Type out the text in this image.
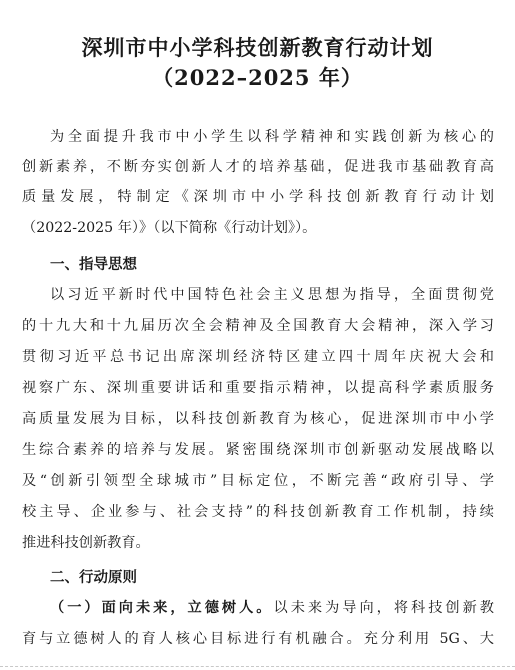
深圳市中小学科技创新教育行动计划
（2022–2025 年）
为全面提升我市中小学生以科学精神和实践创新为核心的
创新素养，不断夯实创新人才的培养基础，促进我市基础教育高
质量发展，特制定《深圳市中小学科技创新教育行动计划
（2022-2025 年）》（以下简称《行动计划》）。
一、指导思想
以习近平新时代中国特色社会主义思想为指导，全面贯彻党
的十九大和十九届历次全会精神及全国教育大会精神，深入学习
贯彻习近平总书记出席深圳经济特区建立四十周年庆祝大会和
视察广东、深圳重要讲话和重要指示精神，以提高科学素质服务
高质量发展为目标，以科技创新教育为核心，促进深圳市中小学
生综合素养的培养与发展。紧密围绕深圳市创新驱动发展战略以
及“创新引领型全球城市”目标定位，不断完善“政府引导、学
校主导、企业参与、社会支持”的科技创新教育工作机制，持续
推进科技创新教育。
二、行动原则
（一）面向未来，立德树人。以未来为导向，将科技创新教
育与立德树人的育人核心目标进行有机融合。充分利用 5G、大
